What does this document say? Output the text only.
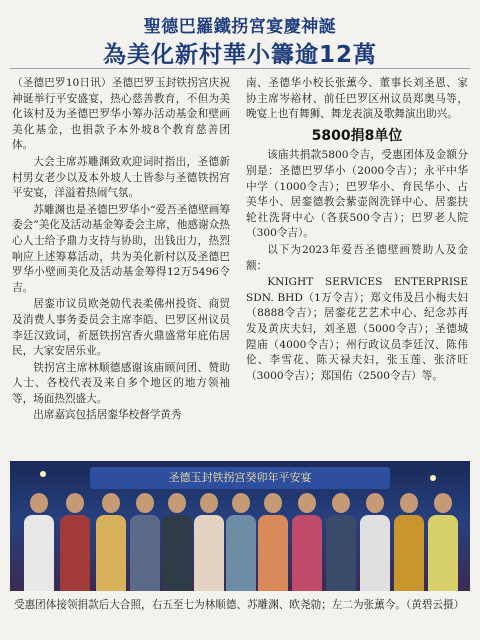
聖德巴羅鐵拐宮宴慶神誕
為美化新村華小籌逾12萬

（圣德巴罗10日讯）圣德巴罗玉封铁拐宫庆祝神诞举行平安盛宴，热心慈善教育，不但为美化该村及为圣德巴罗华小筹办活动基金和壁画美化基金，也捐款予本外坡8个教育慈善团体。

大会主席苏雕渊致欢迎词时指出，圣德新村男女老少以及本外坡人士皆参与圣德铁拐宫平安宴，洋溢着热闹气氛。

苏雕渊也是圣德巴罗华小“爱吾圣德壁画筹委会”美化及活动基金筹委会主席，他感谢众热心人士给予鼎力支持与协助，出钱出力，热烈响应上述筹募活动，共为美化新村以及圣德巴罗华小壁画美化及活动基金筹得12万5496令吉。

居銮市议员欧尧勍代表柔佛州投资、商贸及消费人事务委员会主席李皓、巴罗区州议员李廷汉致词，祈愿铁拐宫香火鼎盛常年庇佑居民，大家安居乐业。

铁拐宫主席林顺德感谢该庙顾问团、赞助人士、各校代表及来自多个地区的地方领袖等，场面热烈盛大。

出席嘉宾包括居銮华校督学黄秀

南、圣德华小校长张薰今、董事长刘圣恩、家协主席岑裕材、前任巴罗区州议员郑奥马等，晚宴上也有舞狮、舞龙表演及歌舞演出助兴。

5800捐8单位

该庙共捐款5800令吉，受惠团体及金额分别是：圣德巴罗华小（2000令吉）；永平中华中学（1000令吉）；巴罗华小、育民华小、占美华小、居銮德教会紫壶阁洗铎中心、居銮扶轮社洗肾中心（各获500令吉）；巴罗老人院（300令吉）。

以下为2023年爱吾圣德壁画赞助人及金额：

KNIGHT SERVICES ENTERPRISE SDN. BHD（1万令吉）；郑文伟及吕小梅夫妇（8888令吉）；居銮花艺艺术中心、纪念苏再发及黄庆夫妇，刘圣恩（5000令吉）；圣德城隍庙（4000令吉）；州行政议员李廷汉、陈伟伦、李雪花、陈天禄夫妇，张玉莲、张济旺（3000令吉）；郑国佑（2500令吉）等。

圣德玉封铁拐宫癸卯年平安宴
受惠团体接领捐款后大合照，右五至七为林顺德、苏雕渊、欧尧勍；左二为张薰今。（黄碧云摄）
